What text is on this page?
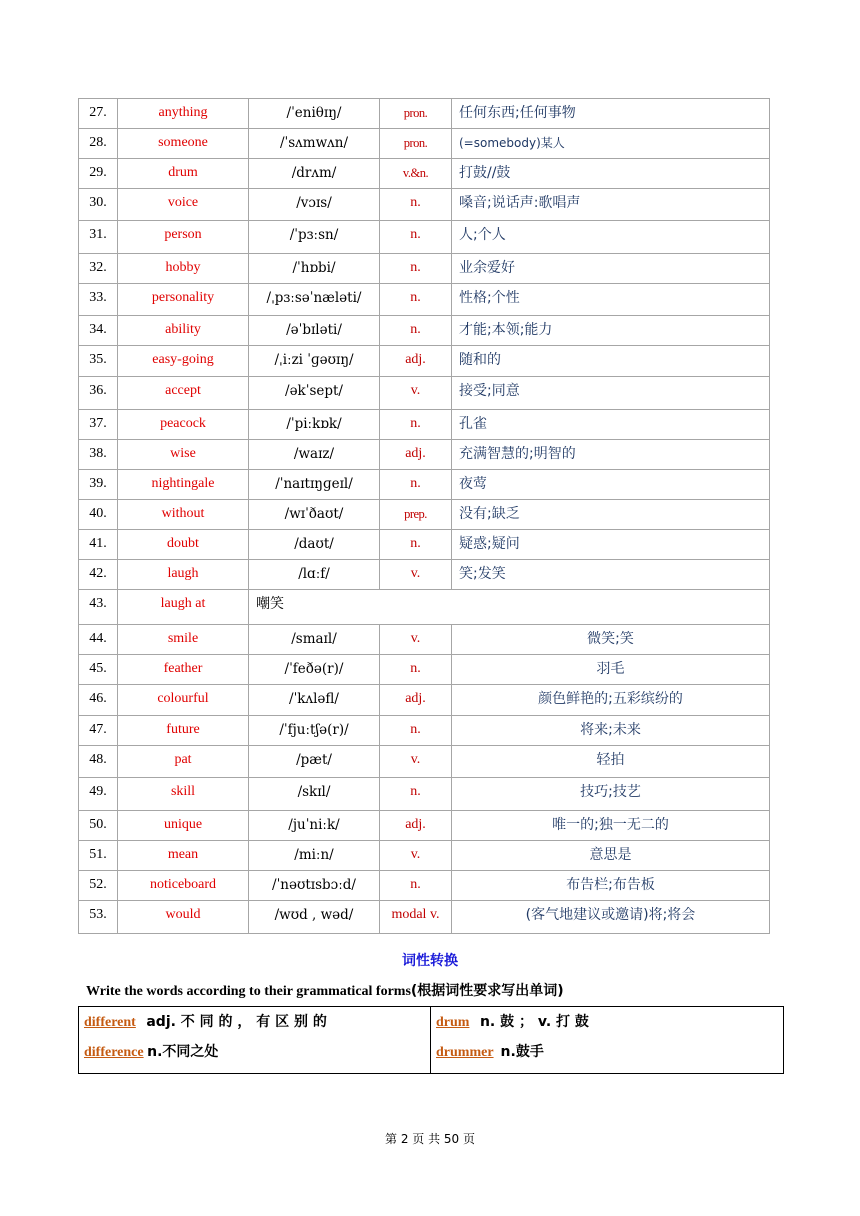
27.	anything	/ˈeniθɪŋ/	pron.	任何东西;任何事物
28.	someone	/ˈsʌmwʌn/	pron.	(=somebody)某人
29.	drum	/drʌm/	v.&n.	打鼓//鼓
30.	voice	/vɔɪs/	n.	嗓音;说话声:歌唱声
31.	person	/ˈpɜːsn/	n.	人;个人
32.	hobby	/ˈhɒbi/	n.	业余爱好
33.	personality	/ˌpɜːsəˈnæləti/	n.	性格;个性
34.	ability	/əˈbɪləti/	n.	才能;本领;能力
35.	easy-going	/ˌiːzi ˈɡəʊɪŋ/	adj.	随和的
36.	accept	/əkˈsept/	v.	接受;同意
37.	peacock	/ˈpiːkɒk/	n.	孔雀
38.	wise	/waɪz/	adj.	充满智慧的;明智的
39.	nightingale	/ˈnaɪtɪŋɡeɪl/	n.	夜莺
40.	without	/wɪˈðaʊt/	prep.	没有;缺乏
41.	doubt	/daʊt/	n.	疑惑;疑问
42.	laugh	/lɑːf/	v.	笑;发笑
43.	laugh at	嘲笑		
44.	smile	/smaɪl/	v.	微笑;笑
45.	feather	/ˈfeðə(r)/	n.	羽毛
46.	colourful	/ˈkʌləfl/	adj.	颜色鲜艳的;五彩缤纷的
47.	future	/ˈfjuːtʃə(r)/	n.	将来;未来
48.	pat	/pæt/	v.	轻拍
49.	skill	/skɪl/	n.	技巧;技艺
50.	unique	/juˈniːk/	adj.	唯一的;独一无二的
51.	mean	/miːn/	v.	意思是
52.	noticeboard	/ˈnəʊtɪsbɔːd/	n.	布告栏;布告板
53.	would	/wʊd , wəd/	modal v.	(客气地建议或邀请)将;将会
词性转换
Write the words according to their grammatical forms(根据词性要求写出单词)
different adj. 不 同 的 ， 有 区 别 的
difference n.不同之处

drum n. 鼓 ； v. 打 鼓
drummer n.鼓手
第 2 页 共 50 页
